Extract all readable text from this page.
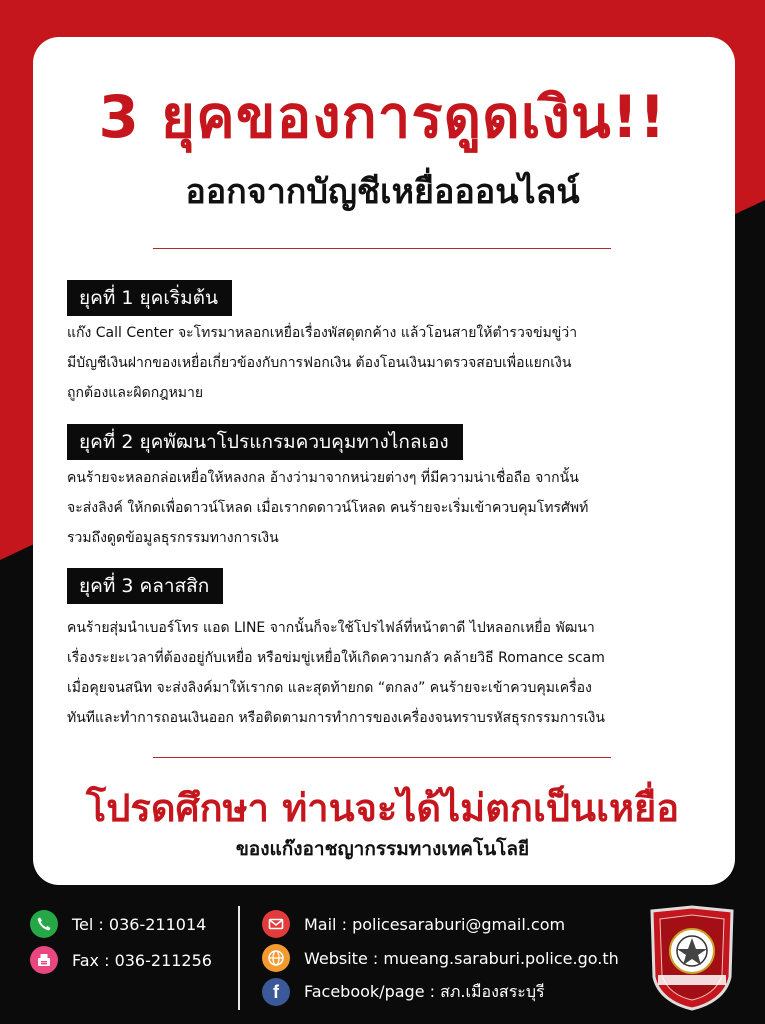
3 ยุคของการดูดเงิน!!
ออกจากบัญชีเหยื่อออนไลน์
ยุคที่ 1 ยุคเริ่มต้น
แก๊ง Call Center จะโทรมาหลอกเหยื่อเรื่องพัสดุตกค้าง แล้วโอนสายให้ตำรวจข่มขู่ว่า
มีบัญชีเงินฝากของเหยื่อเกี่ยวข้องกับการฟอกเงิน ต้องโอนเงินมาตรวจสอบเพื่อแยกเงิน
ถูกต้องและผิดกฎหมาย
ยุคที่ 2 ยุคพัฒนาโปรแกรมควบคุมทางไกลเอง
คนร้ายจะหลอกล่อเหยื่อให้หลงกล อ้างว่ามาจากหน่วยต่างๆ ที่มีความน่าเชื่อถือ จากนั้น
จะส่งลิงค์ ให้กดเพื่อดาวน์โหลด เมื่อเรากดดาวน์โหลด คนร้ายจะเริ่มเข้าควบคุมโทรศัพท์
รวมถึงดูดข้อมูลธุรกรรมทางการเงิน
ยุคที่ 3 คลาสสิก
คนร้ายสุ่มนำเบอร์โทร แอด LINE จากนั้นก็จะใช้โปรไฟล์ที่หน้าตาดี ไปหลอกเหยื่อ พัฒนา
เรื่องระยะเวลาที่ต้องอยู่กับเหยื่อ หรือข่มขู่เหยื่อให้เกิดความกลัว คล้ายวิธี Romance scam
เมื่อคุยจนสนิท จะส่งลิงค์มาให้เรากด และสุดท้ายกด “ตกลง” คนร้ายจะเข้าควบคุมเครื่อง
ทันทีและทำการถอนเงินออก หรือติดตามการทำการของเครื่องจนทราบรหัสธุรกรรมการเงิน
โปรดศึกษา ท่านจะได้ไม่ตกเป็นเหยื่อ
ของแก๊งอาชญากรรมทางเทคโนโลยี
Tel : 036-211014
Fax : 036-211256
Mail : policesaraburi@gmail.com
Website : mueang.saraburi.police.go.th
f Facebook/page : สภ.เมืองสระบุรี
